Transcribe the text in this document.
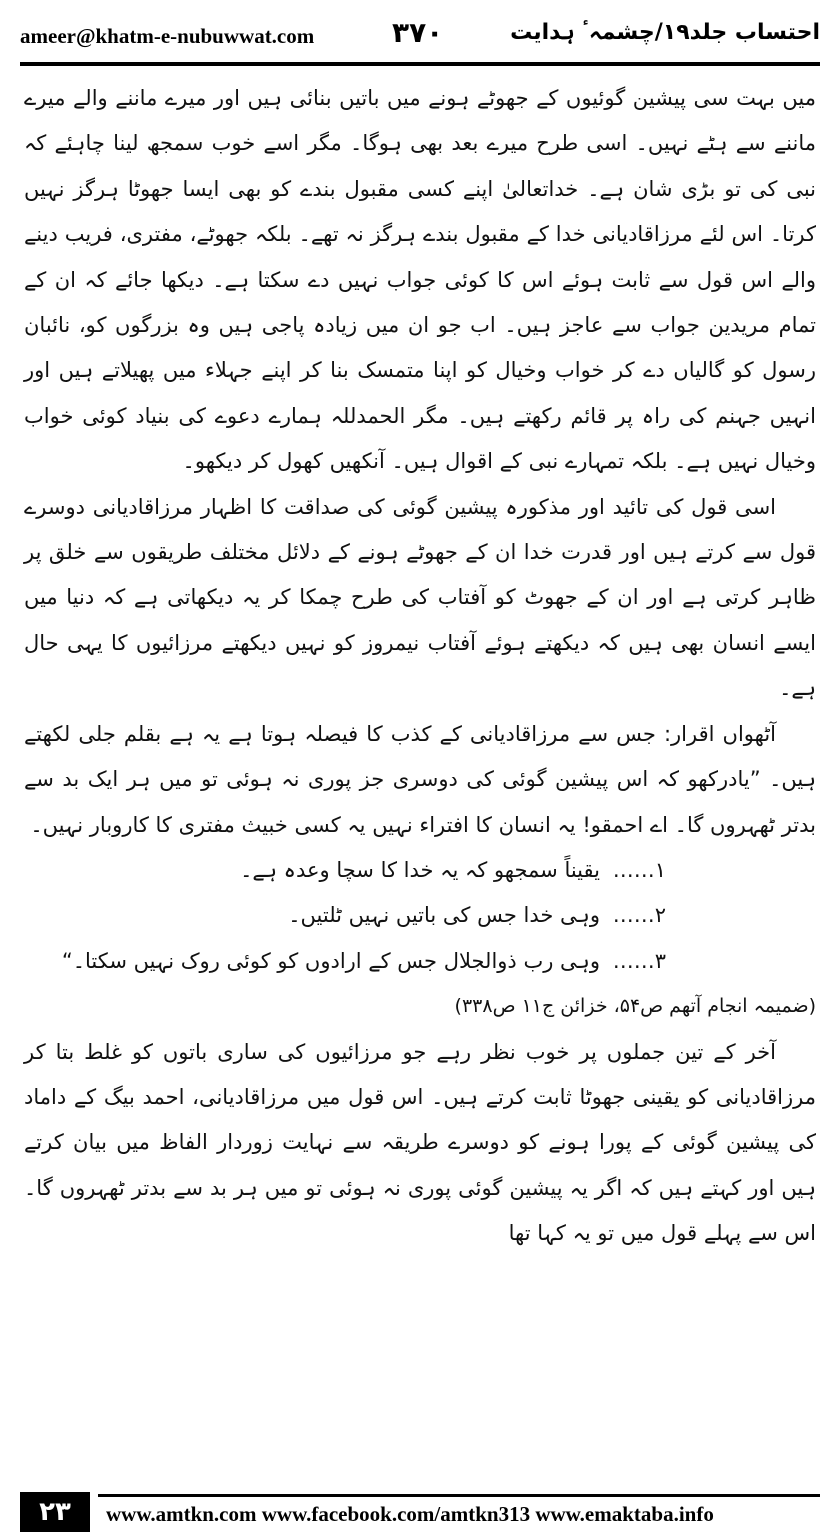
ameer@khatm-e-nubuwwat.com	۳۷۰	احتساب جلد۱۹/چشمہٴ ہدایت

میں بہت سی پیشین گوئیوں کے جھوٹے ہونے میں باتیں بنائی ہیں اور میرے ماننے والے میرے ماننے سے ہٹے نہیں۔ اسی طرح میرے بعد بھی ہوگا۔ مگر اسے خوب سمجھ لینا چاہئے کہ نبی کی تو بڑی شان ہے۔ خداتعالیٰ اپنے کسی مقبول بندے کو بھی ایسا جھوٹا ہرگز نہیں کرتا۔ اس لئے مرزاقادیانی خدا کے مقبول بندے ہرگز نہ تھے۔ بلکہ جھوٹے، مفتری، فریب دینے والے اس قول سے ثابت ہوئے اس کا کوئی جواب نہیں دے سکتا ہے۔ دیکھا جائے کہ ان کے تمام مریدین جواب سے عاجز ہیں۔ اب جو ان میں زیادہ پاجی ہیں وہ بزرگوں کو، نائبان رسول کو گالیاں دے کر خواب وخیال کو اپنا متمسک بنا کر اپنے جہلاء میں پھیلاتے ہیں اور انہیں جہنم کی راہ پر قائم رکھتے ہیں۔ مگر الحمدللہ ہمارے دعوے کی بنیاد کوئی خواب وخیال نہیں ہے۔ بلکہ تمہارے نبی کے اقوال ہیں۔ آنکھیں کھول کر دیکھو۔

اسی قول کی تائید اور مذکورہ پیشین گوئی کی صداقت کا اظہار مرزاقادیانی دوسرے قول سے کرتے ہیں اور قدرت خدا ان کے جھوٹے ہونے کے دلائل مختلف طریقوں سے خلق پر ظاہر کرتی ہے اور ان کے جھوٹ کو آفتاب کی طرح چمکا کر یہ دیکھاتی ہے کہ دنیا میں ایسے انسان بھی ہیں کہ دیکھتے ہوئے آفتاب نیمروز کو نہیں دیکھتے مرزائیوں کا یہی حال ہے۔

آٹھواں اقرار: جس سے مرزاقادیانی کے کذب کا فیصلہ ہوتا ہے یہ ہے بقلم جلی لکھتے ہیں۔ ”یادرکھو کہ اس پیشین گوئی کی دوسری جز پوری نہ ہوئی تو میں ہر ایک بد سے بدتر ٹھہروں گا۔ اے احمقو! یہ انسان کا افتراء نہیں یہ کسی خبیث مفتری کا کاروبار نہیں۔

۱……یقیناً سمجھو کہ یہ خدا کا سچا وعدہ ہے۔
۲……وہی خدا جس کی باتیں نہیں ٹلتیں۔
۳……وہی رب ذوالجلال جس کے ارادوں کو کوئی روک نہیں سکتا۔“

(ضمیمہ انجام آتھم ص۵۴، خزائن ج۱۱ ص۳۳۸)

آخر کے تین جملوں پر خوب نظر رہے جو مرزائیوں کی ساری باتوں کو غلط بتا کر مرزاقادیانی کو یقینی جھوٹا ثابت کرتے ہیں۔ اس قول میں مرزاقادیانی، احمد بیگ کے داماد کی پیشین گوئی کے پورا ہونے کو دوسرے طریقہ سے نہایت زوردار الفاظ میں بیان کرتے ہیں اور کہتے ہیں کہ اگر یہ پیشین گوئی پوری نہ ہوئی تو میں ہر بد سے بدتر ٹھہروں گا۔ اس سے پہلے قول میں تو یہ کہا تھا

۲۳	www.amtkn.com www.facebook.com/amtkn313 www.emaktaba.info
